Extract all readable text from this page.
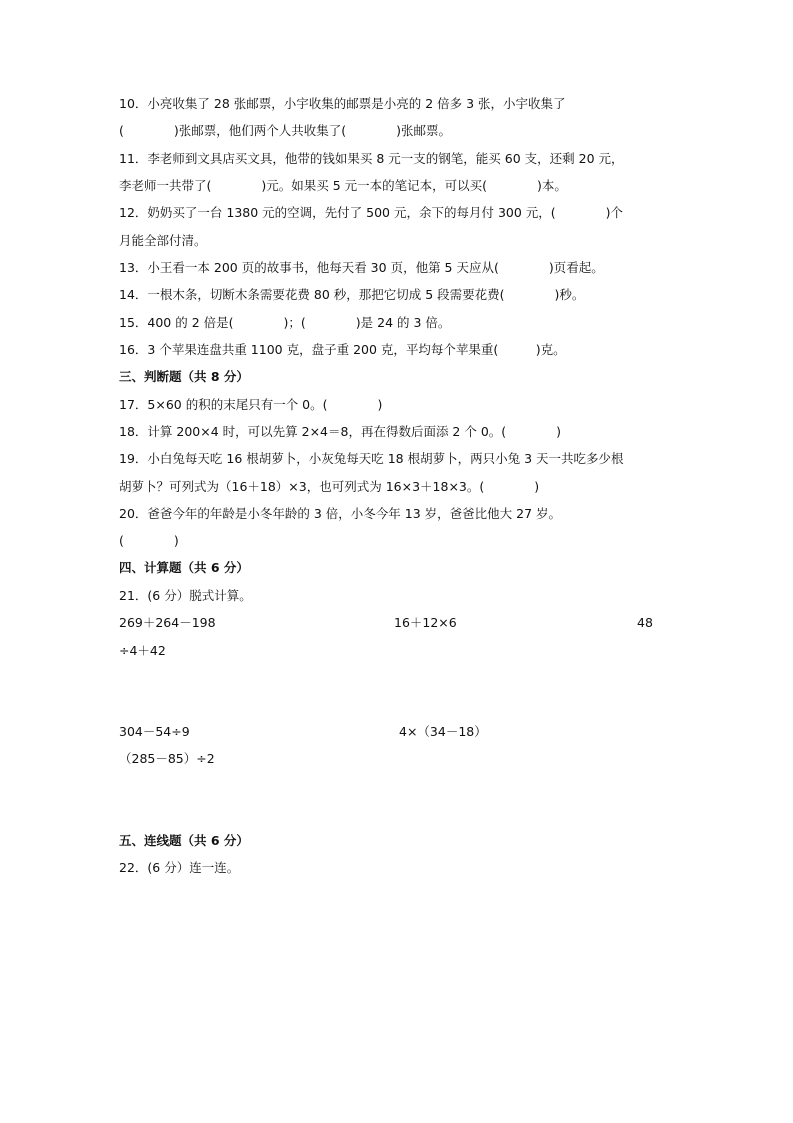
10．小亮收集了 28 张邮票，小宇收集的邮票是小亮的 2 倍多 3 张，小宇收集了
(　　　　)张邮票，他们两个人共收集了(　　　　)张邮票。
11．李老师到文具店买文具，他带的钱如果买 8 元一支的钢笔，能买 60 支，还剩 20 元，
李老师一共带了(　　　　)元。如果买 5 元一本的笔记本，可以买(　　　　)本。
12．奶奶买了一台 1380 元的空调，先付了 500 元，余下的每月付 300 元，(　　　　)个
月能全部付清。
13．小王看一本 200 页的故事书，他每天看 30 页，他第 5 天应从(　　　　)页看起。
14．一根木条，切断木条需要花费 80 秒，那把它切成 5 段需要花费(　　　　)秒。
15．400 的 2 倍是(　　　　)；(　　　　)是 24 的 3 倍。
16．3 个苹果连盘共重 1100 克，盘子重 200 克，平均每个苹果重(　　　)克。
三、判断题（共 8 分）
17．5×60 的积的末尾只有一个 0。(　　　　)
18．计算 200×4 时，可以先算 2×4＝8，再在得数后面添 2 个 0。(　　　　)
19．小白兔每天吃 16 根胡萝卜，小灰兔每天吃 18 根胡萝卜，两只小兔 3 天一共吃多少根
胡萝卜？可列式为（16＋18）×3，也可列式为 16×3＋18×3。(　　　　)
20．爸爸今年的年龄是小冬年龄的 3 倍，小冬今年 13 岁，爸爸比他大 27 岁。
(　　　　)
四、计算题（共 6 分）
21．(6 分）脱式计算。
269＋264－198	16＋12×6	48
÷4＋42
304－54÷9	4×（34－18）
（285－85）÷2
五、连线题（共 6 分）
22．(6 分）连一连。
